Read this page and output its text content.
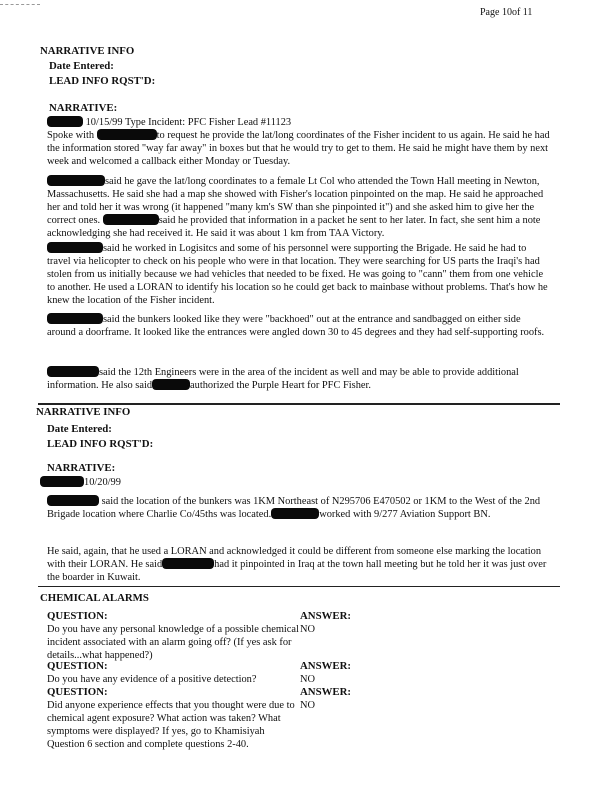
Page 10of 11
NARRATIVE INFO
Date Entered:
LEAD INFO RQST'D:
NARRATIVE:
10/15/99 Type Incident: PFC Fisher Lead #11123
Spoke with	to request he provide the lat/long coordinates of the Fisher incident to us again. He said he had the information stored "way far away" in boxes but that he would try to get to them. He said he might have them by next week and welcomed a callback either Monday or Tuesday.
said he gave the lat/long coordinates to a female Lt Col who attended the Town Hall meeting in Newton, Massachusetts. He said she had a map she showed with Fisher's location pinpointed on the map. He said he approached her and told her it was wrong (it happened "many km's SW than she pinpointed it") and she asked him to give her the correct ones.	said he provided that information in a packet he sent to her later. In fact, she sent him a note acknowledging she had received it. He said it was about 1 km from TAA Victory.
said he worked in Logisitcs and some of his personnel were supporting the Brigade. He said he had to travel via helicopter to check on his people who were in that location. They were searching for US parts the Iraqi's had stolen from us initially because we had vehicles that needed to be fixed. He was going to "cann" them from one vehicle to another. He used a LORAN to identify his location so he could get back to mainbase without problems. That's how he knew the location of the Fisher incident.
said the bunkers looked like they were "backhoed" out at the entrance and sandbagged on either side around a doorframe. It looked like the entrances were angled down 30 to 45 degrees and they had self-supporting roofs.
said the 12th Engineers were in the area of the incident as well and may be able to provide additional information. He also said	authorized the Purple Heart for PFC Fisher.
NARRATIVE INFO
Date Entered:
LEAD INFO RQST'D:
NARRATIVE:
10/20/99
said the location of the bunkers was 1KM Northeast of N295706 E470502 or 1KM to the West of the 2nd Brigade location where Charlie Co/45ths was located.	worked with 9/277 Aviation Support BN.
He said, again, that he used a LORAN and acknowledged it could be different from someone else marking the location with their LORAN. He said	had it pinpointed in Iraq at the town hall meeting but he told her it was just over the boarder in Kuwait.
CHEMICAL ALARMS
QUESTION:	ANSWER:
Do you have any personal knowledge of a possible chemical incident associated with an alarm going off? (If yes ask for details...what happened?)
NO
QUESTION:	ANSWER:
Do you have any evidence of a positive detection?	NO
QUESTION:	ANSWER:
Did anyone experience effects that you thought were due to chemical agent exposure? What action was taken? What symptoms were displayed? If yes, go to Khamisiyah Question 6 section and complete questions 2-40.
NO
